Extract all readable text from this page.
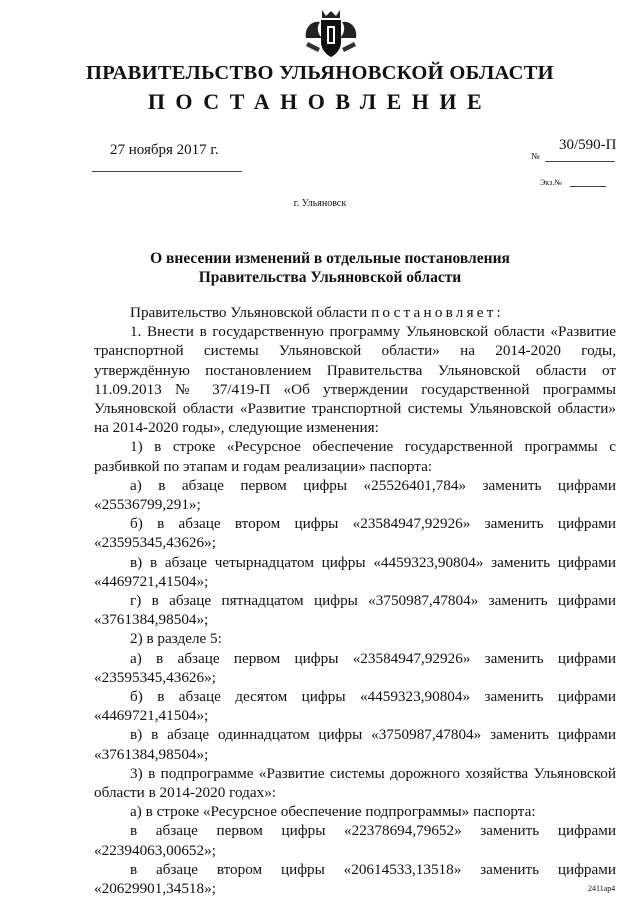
ПРАВИТЕЛЬСТВО УЛЬЯНОВСКОЙ ОБЛАСТИ
ПОСТАНОВЛЕНИЕ
27 ноября 2017 г.	№
30/590-П
Экз.№
г. Ульяновск
О внесении изменений в отдельные постановления
Правительства Ульяновской области

Правительство Ульяновской области постановляет:

1. Внести в государственную программу Ульяновской области «Развитие транспортной системы Ульяновской области» на 2014-2020 годы, утверждённую постановлением Правительства Ульяновской области от 11.09.2013 № 37/419-П «Об утверждении государственной программы Ульяновской области «Развитие транспортной системы Ульяновской области» на 2014-2020 годы», следующие изменения:

1) в строке «Ресурсное обеспечение государственной программы с разбивкой по этапам и годам реализации» паспорта:

а) в абзаце первом цифры «25526401,784» заменить цифрами «25536799,291»;

б) в абзаце втором цифры «23584947,92926» заменить цифрами «23595345,43626»;

в) в абзаце четырнадцатом цифры «4459323,90804» заменить цифрами «4469721,41504»;

г) в абзаце пятнадцатом цифры «3750987,47804» заменить цифрами «3761384,98504»;

2) в разделе 5:

а) в абзаце первом цифры «23584947,92926» заменить цифрами «23595345,43626»;

б) в абзаце десятом цифры «4459323,90804» заменить цифрами «4469721,41504»;

в) в абзаце одиннадцатом цифры «3750987,47804» заменить цифрами «3761384,98504»;

3) в подпрограмме «Развитие системы дорожного хозяйства Ульяновской области в 2014-2020 годах»:

а) в строке «Ресурсное обеспечение подпрограммы» паспорта:

в абзаце первом цифры «22378694,79652» заменить цифрами «22394063,00652»;

в абзаце втором цифры «20614533,13518» заменить цифрами «20629901,34518»;	2411ар4
